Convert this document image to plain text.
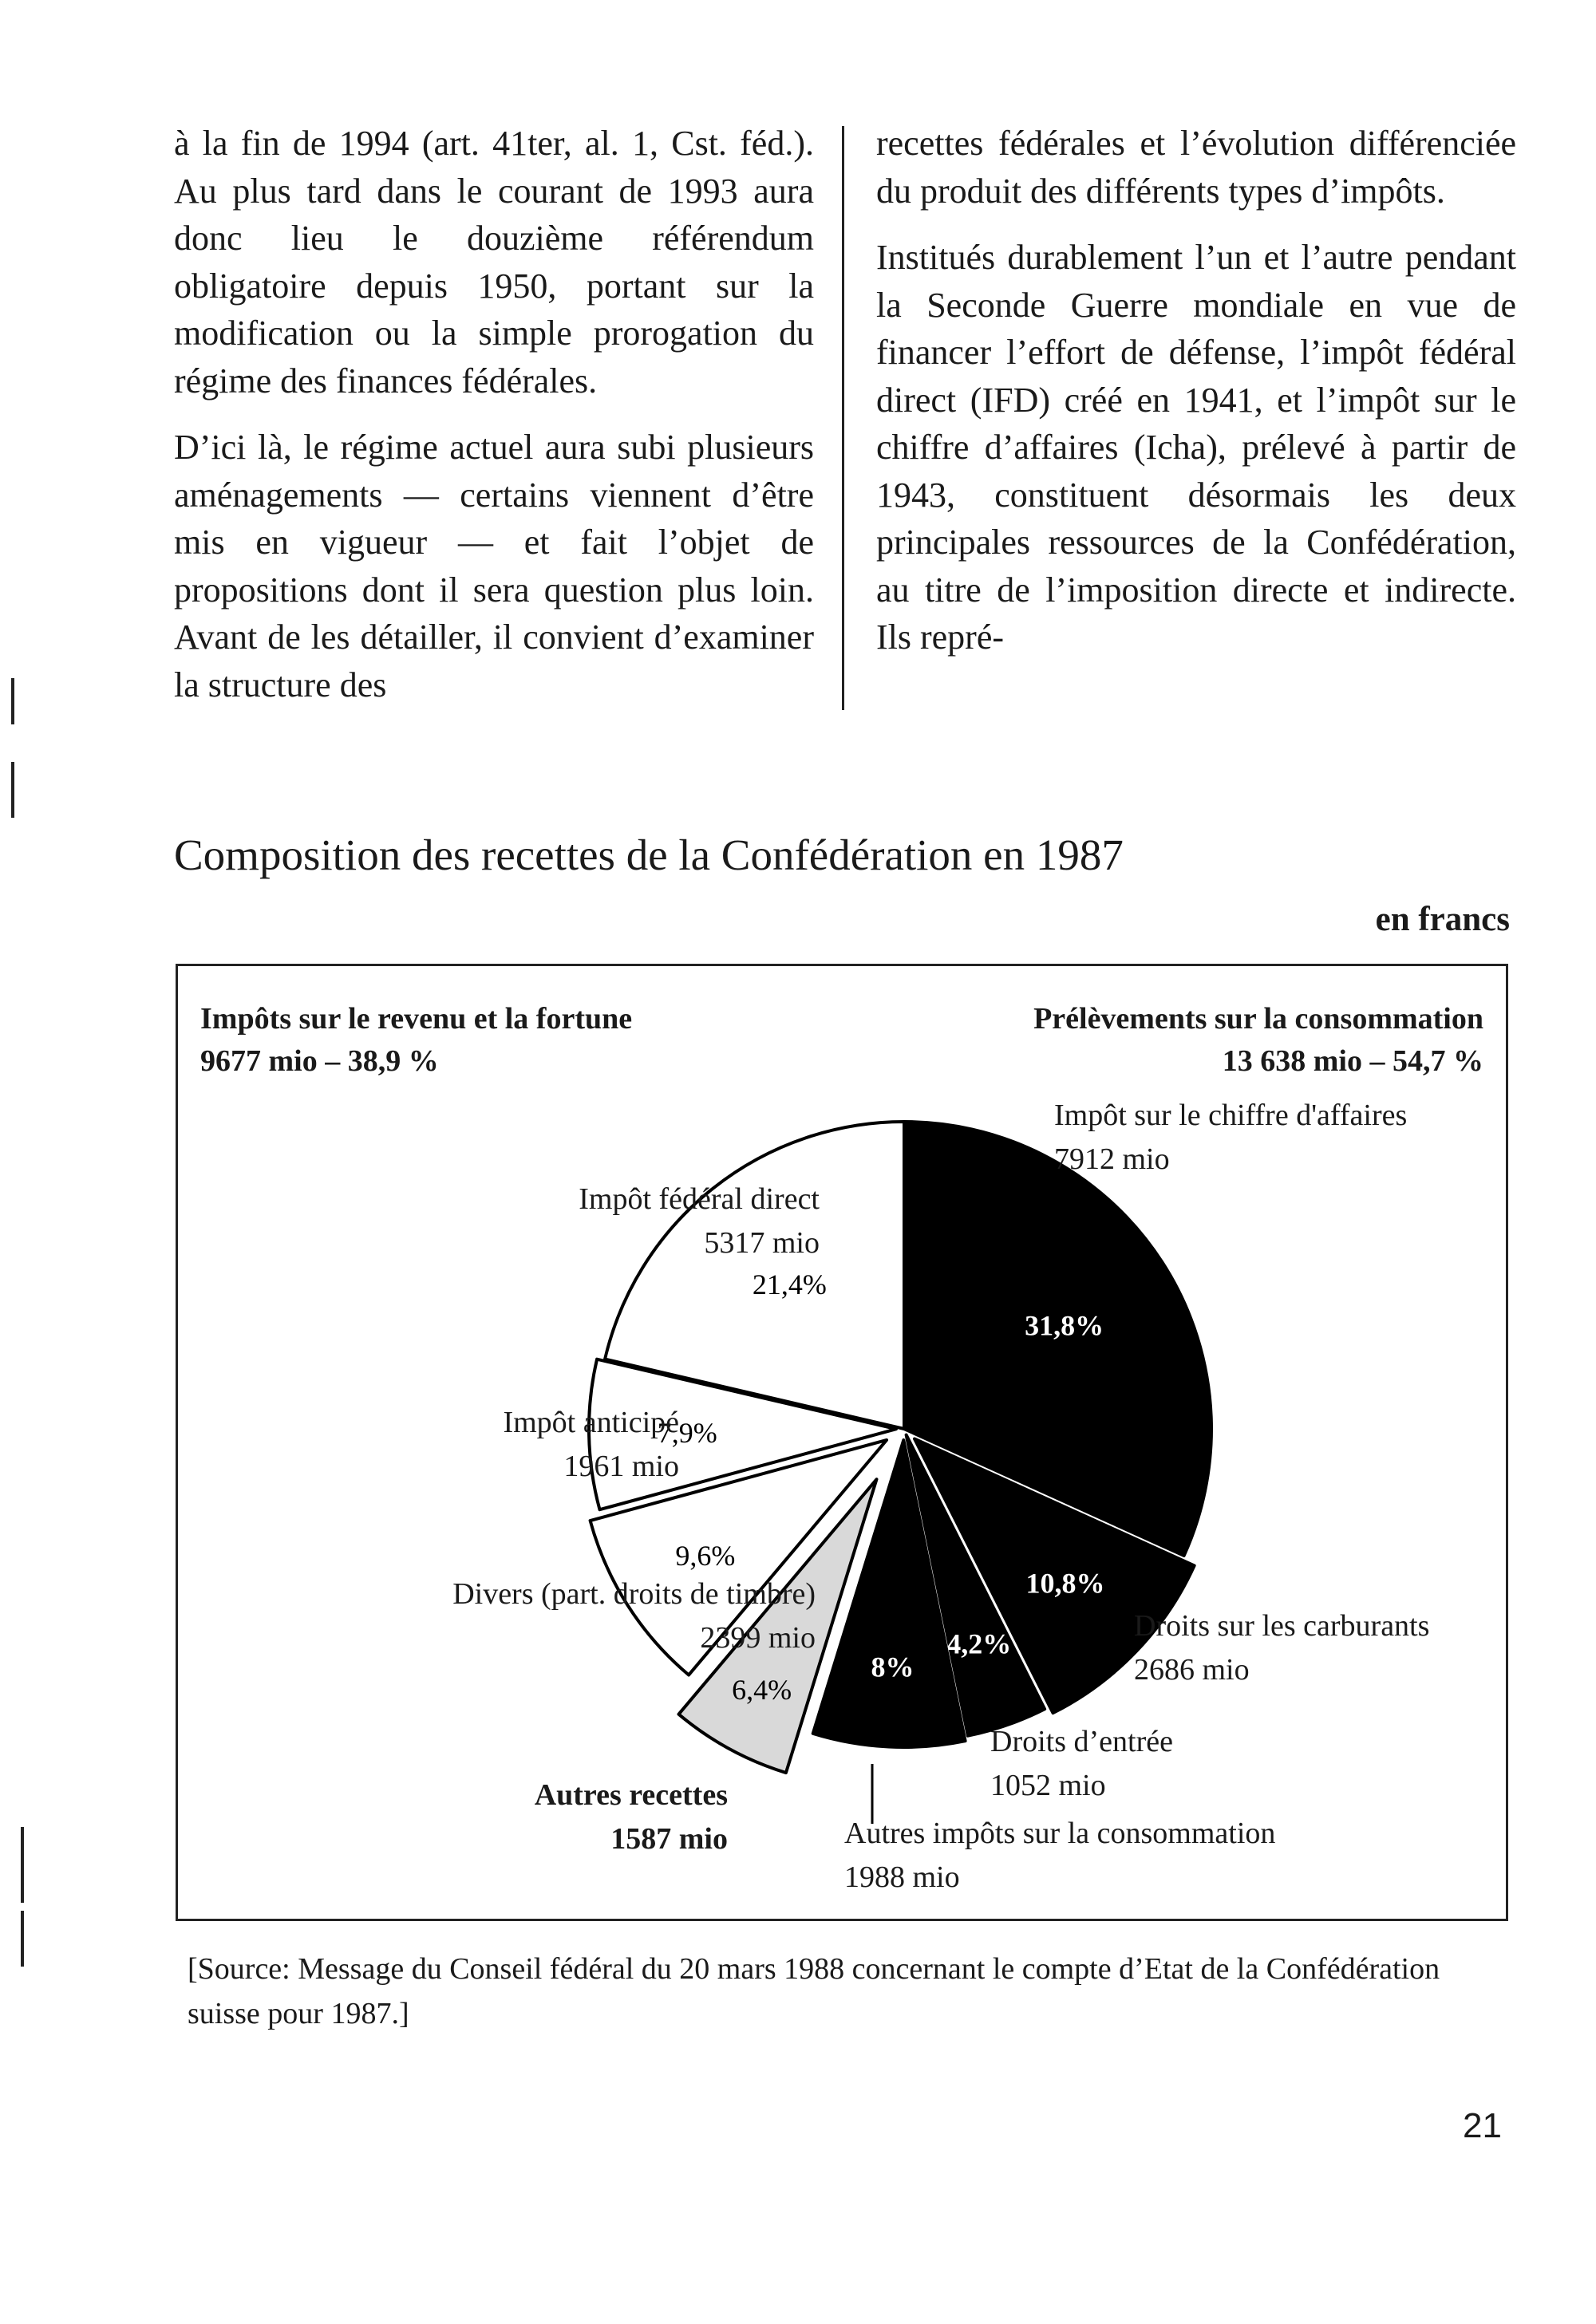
à la fin de 1994 (art. 41ter, al. 1, Cst. féd.). Au plus tard dans le courant de 1993 aura donc lieu le douzième référendum obligatoire depuis 1950, portant sur la modification ou la simple prorogation du régime des finances fédérales.

D’ici là, le régime actuel aura subi plusieurs aménagements — certains viennent d’être mis en vigueur — et fait l’objet de propositions dont il sera question plus loin. Avant de les détailler, il convient d’examiner la structure des

recettes fédérales et l’évolution différenciée du produit des différents types d’impôts.

Institués durablement l’un et l’autre pendant la Seconde Guerre mondiale en vue de financer l’effort de défense, l’impôt fédéral direct (IFD) créé en 1941, et l’impôt sur le chiffre d’affaires (Icha), prélevé à partir de 1943, constituent désormais les deux principales ressources de la Confédération, au titre de l’imposition directe et indirecte. Ils repré-

Composition des recettes de la Confédération en 1987
en francs
31,8%
10,8%
4,2%
8%
6,4%
9,6%
7,9%
21,4%
Impôts sur le revenu et la fortune
9677 mio – 38,9 %
Prélèvements sur la consommation
13 638 mio – 54,7 %
Impôt sur le chiffre d'affaires
7912 mio
Droits sur les carburants
2686 mio
Droits d’entrée
1052 mio
Autres impôts sur la consommation
1988 mio
Autres recettes
1587 mio
Divers (part. droits de timbre)
2399 mio
Impôt anticipé
1961 mio
Impôt fédéral direct
5317 mio
[Source: Message du Conseil fédéral du 20 mars 1988 concernant le compte d’Etat de la Confédération suisse pour 1987.]
21
